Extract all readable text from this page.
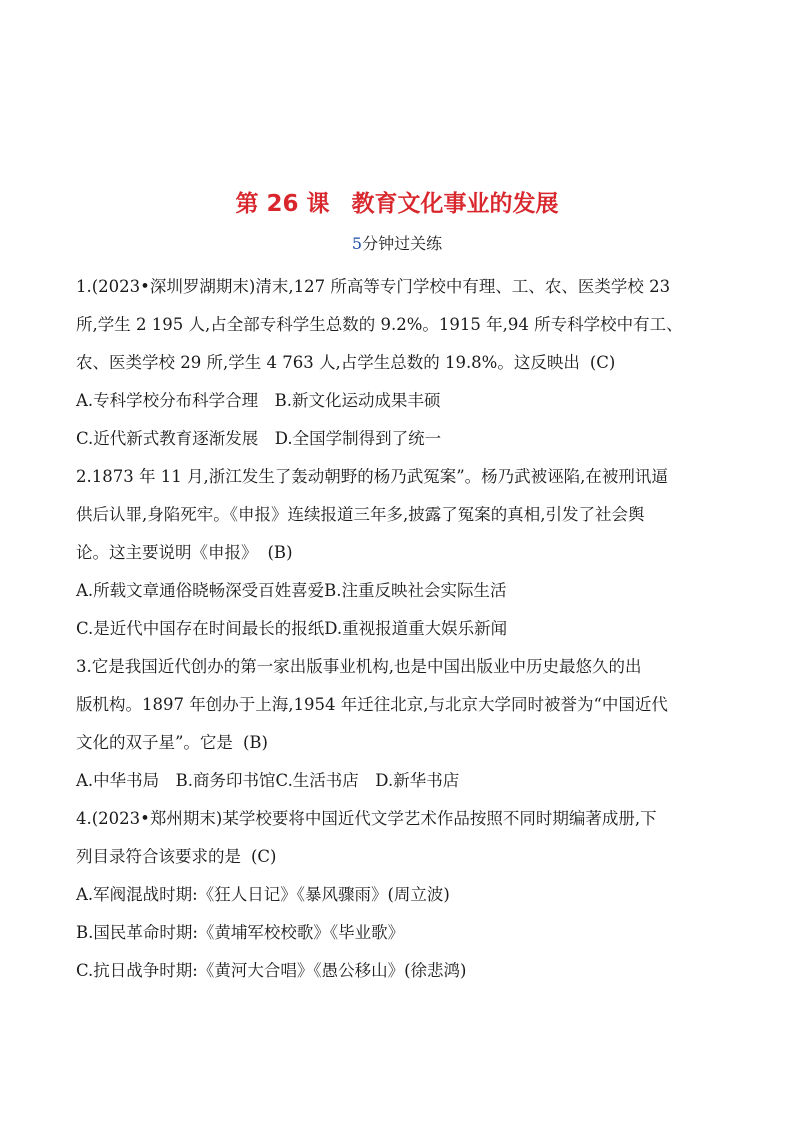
第 26 课 教育文化事业的发展
5分钟过关练

1.(2023•深圳罗湖期末)清末,127 所高等专门学校中有理、工、农、医类学校 23

所,学生 2 195 人,占全部专科学生总数的 9.2%。1915 年,94 所专科学校中有工、

农、医类学校 29 所,学生 4 763 人,占学生总数的 19.8%。这反映出 (C)

A.专科学校分布科学合理　B.新文化运动成果丰硕

C.近代新式教育逐渐发展　D.全国学制得到了统一

2.1873 年 11 月,浙江发生了轰动朝野的杨乃武冤案”。杨乃武被诬陷,在被刑讯逼

供后认罪,身陷死牢。《申报》连续报道三年多,披露了冤案的真相,引发了社会舆

论。这主要说明《申报》 (B)

A.所载文章通俗晓畅深受百姓喜爱B.注重反映社会实际生活

C.是近代中国存在时间最长的报纸D.重视报道重大娱乐新闻

3.它是我国近代创办的第一家出版事业机构,也是中国出版业中历史最悠久的出

版机构。1897 年创办于上海,1954 年迁往北京,与北京大学同时被誉为“中国近代

文化的双子星”。它是 (B)

A.中华书局　B.商务印书馆C.生活书店　D.新华书店

4.(2023•郑州期末)某学校要将中国近代文学艺术作品按照不同时期编著成册,下

列目录符合该要求的是 (C)

A.军阀混战时期:《狂人日记》《暴风骤雨》(周立波)

B.国民革命时期:《黄埔军校校歌》《毕业歌》

C.抗日战争时期:《黄河大合唱》《愚公移山》(徐悲鸿)
